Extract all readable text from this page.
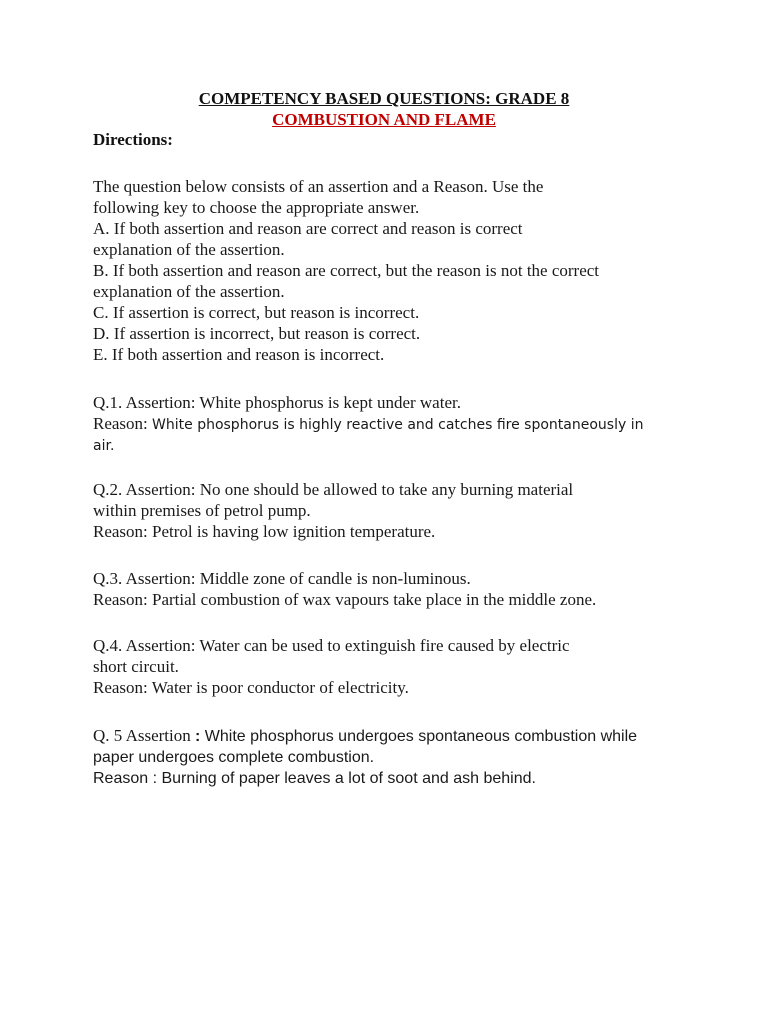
COMPETENCY BASED QUESTIONS: GRADE 8
COMBUSTION AND FLAME
Directions:
The question below consists of an assertion and a Reason. Use the
following key to choose the appropriate answer.
A. If both assertion and reason are correct and reason is correct
explanation of the assertion.
B. If both assertion and reason are correct, but the reason is not the correct
explanation of the assertion.
C. If assertion is correct, but reason is incorrect.
D. If assertion is incorrect, but reason is correct.
E. If both assertion and reason is incorrect.
Q.1. Assertion: White phosphorus is kept under water.
Reason: White phosphorus is highly reactive and catches fire spontaneously in
air.
Q.2. Assertion: No one should be allowed to take any burning material
within premises of petrol pump.
Reason: Petrol is having low ignition temperature.
Q.3. Assertion: Middle zone of candle is non-luminous.
Reason: Partial combustion of wax vapours take place in the middle zone.
Q.4. Assertion: Water can be used to extinguish fire caused by electric
short circuit.
Reason: Water is poor conductor of electricity.
Q. 5 Assertion : White phosphorus undergoes spontaneous combustion while
paper undergoes complete combustion.
Reason : Burning of paper leaves a lot of soot and ash behind.
